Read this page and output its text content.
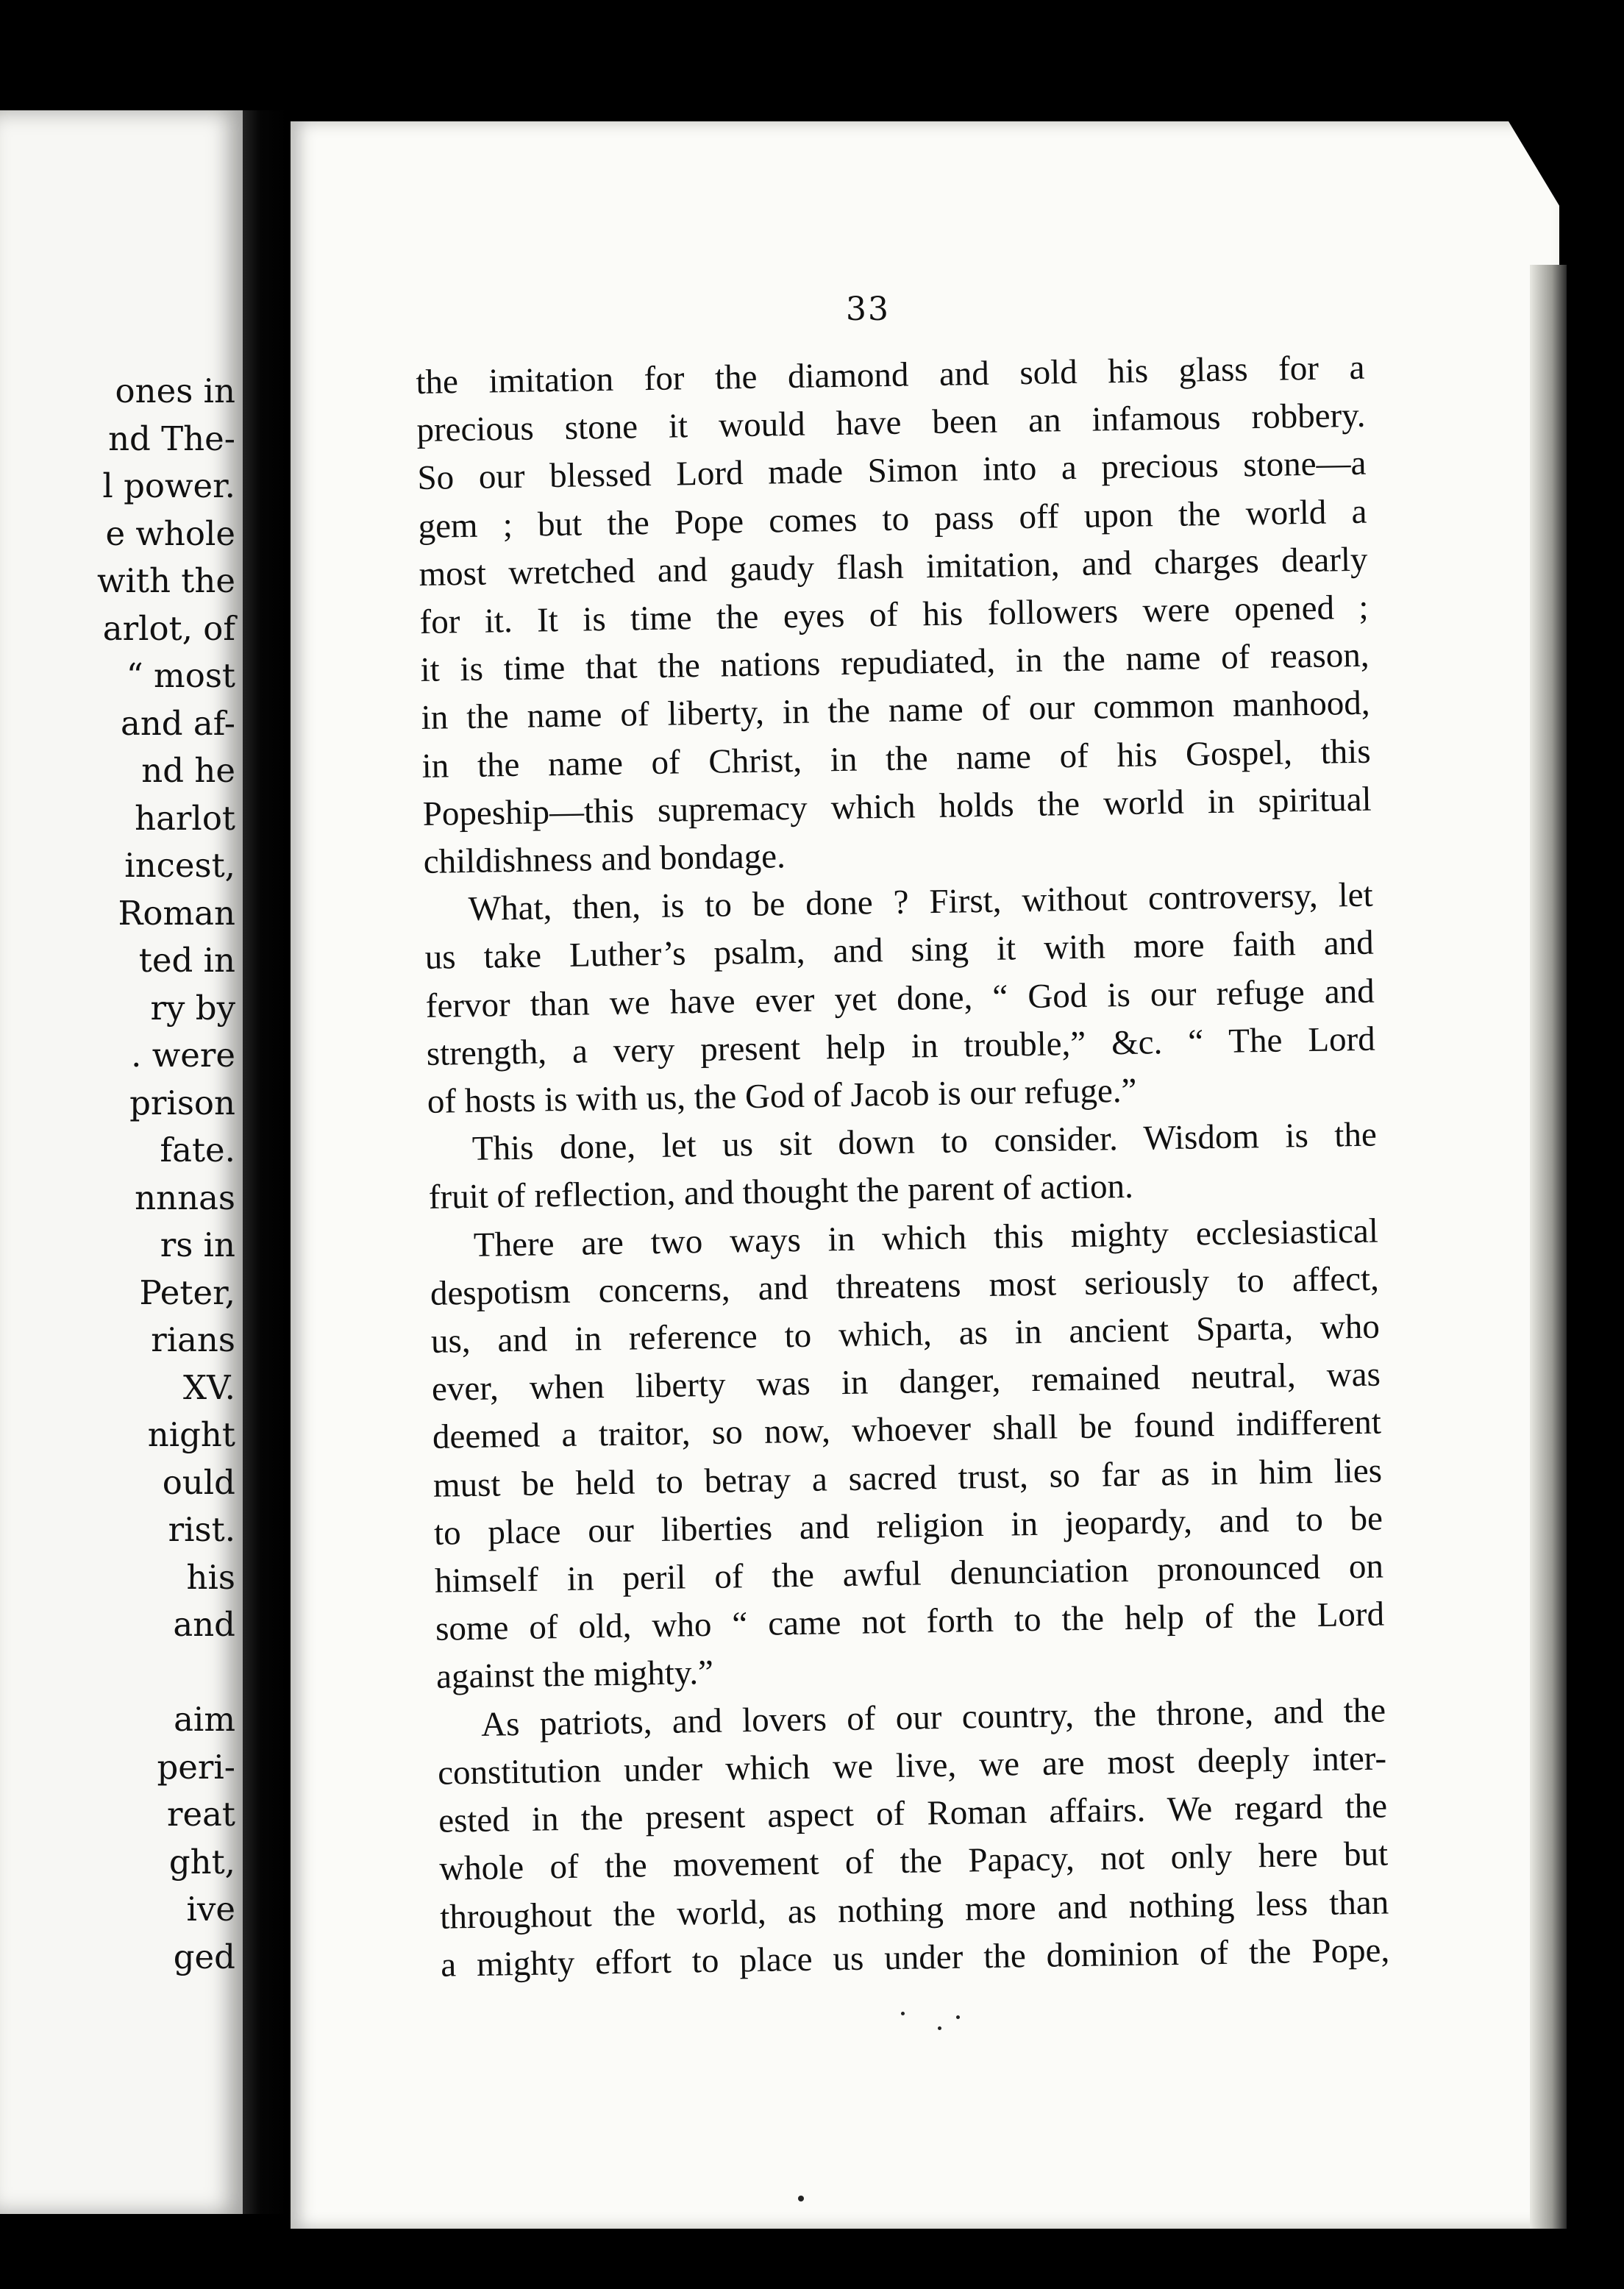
ones in
nd The-
l power.
e whole
with the
arlot, of
“ most
and af-
nd he
harlot
incest,
Roman
ted in
ry by
. were
prison
fate.
nnnas
rs in
Peter,
rians
XV.
night
ould
rist.
his
and
aim
peri-
reat
ght,
ive
ged
33
the imitation for the diamond and sold his glass for a
precious stone it would have been an infamous robbery.
So our blessed Lord made Simon into a precious stone—a
gem ; but the Pope comes to pass off upon the world a
most wretched and gaudy flash imitation, and charges dearly
for it. It is time the eyes of his followers were opened ;
it is time that the nations repudiated, in the name of reason,
in the name of liberty, in the name of our common manhood,
in the name of Christ, in the name of his Gospel, this
Popeship—this supremacy which holds the world in spiritual
childishness and bondage.
What, then, is to be done ? First, without controversy, let
us take Luther’s psalm, and sing it with more faith and
fervor than we have ever yet done, “ God is our refuge and
strength, a very present help in trouble,” &c. “ The Lord
of hosts is with us, the God of Jacob is our refuge.”
This done, let us sit down to consider. Wisdom is the
fruit of reflection, and thought the parent of action.
There are two ways in which this mighty ecclesiastical
despotism concerns, and threatens most seriously to affect,
us, and in reference to which, as in ancient Sparta, who
ever, when liberty was in danger, remained neutral, was
deemed a traitor, so now, whoever shall be found indifferent
must be held to betray a sacred trust, so far as in him lies
to place our liberties and religion in jeopardy, and to be
himself in peril of the awful denunciation pronounced on
some of old, who “ came not forth to the help of the Lord
against the mighty.”
As patriots, and lovers of our country, the throne, and the
constitution under which we live, we are most deeply inter-
ested in the present aspect of Roman affairs. We regard the
whole of the movement of the Papacy, not only here but
throughout the world, as nothing more and nothing less than
a mighty effort to place us under the dominion of the Pope,
